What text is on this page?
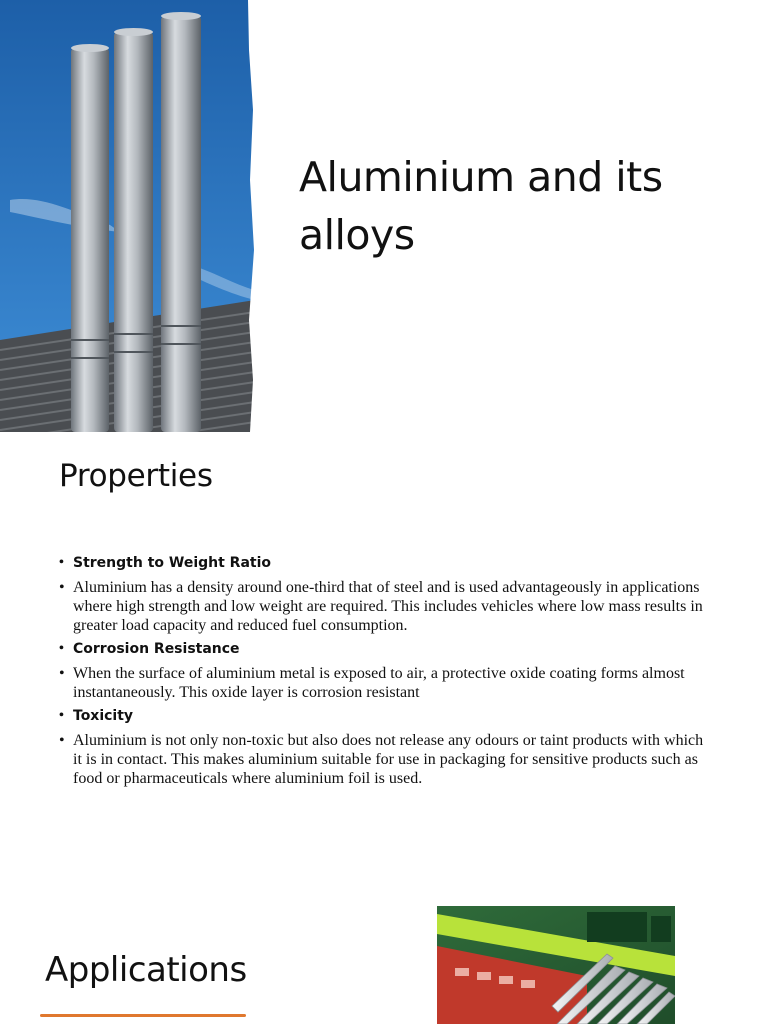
Aluminium and its alloys
Properties
• Strength to Weight Ratio
• Aluminium has a density around one-third that of steel and is used advantageously in applications where high strength and low weight are required. This includes vehicles where low mass results in greater load capacity and reduced fuel consumption.
• Corrosion Resistance
• When the surface of aluminium metal is exposed to air, a protective oxide coating forms almost instantaneously. This oxide layer is corrosion resistant
• Toxicity
• Aluminium is not only non-toxic but also does not release any odours or taint products with which it is in contact. This makes aluminium suitable for use in packaging for sensitive products such as food or pharmaceuticals where aluminium foil is used.
Applications
